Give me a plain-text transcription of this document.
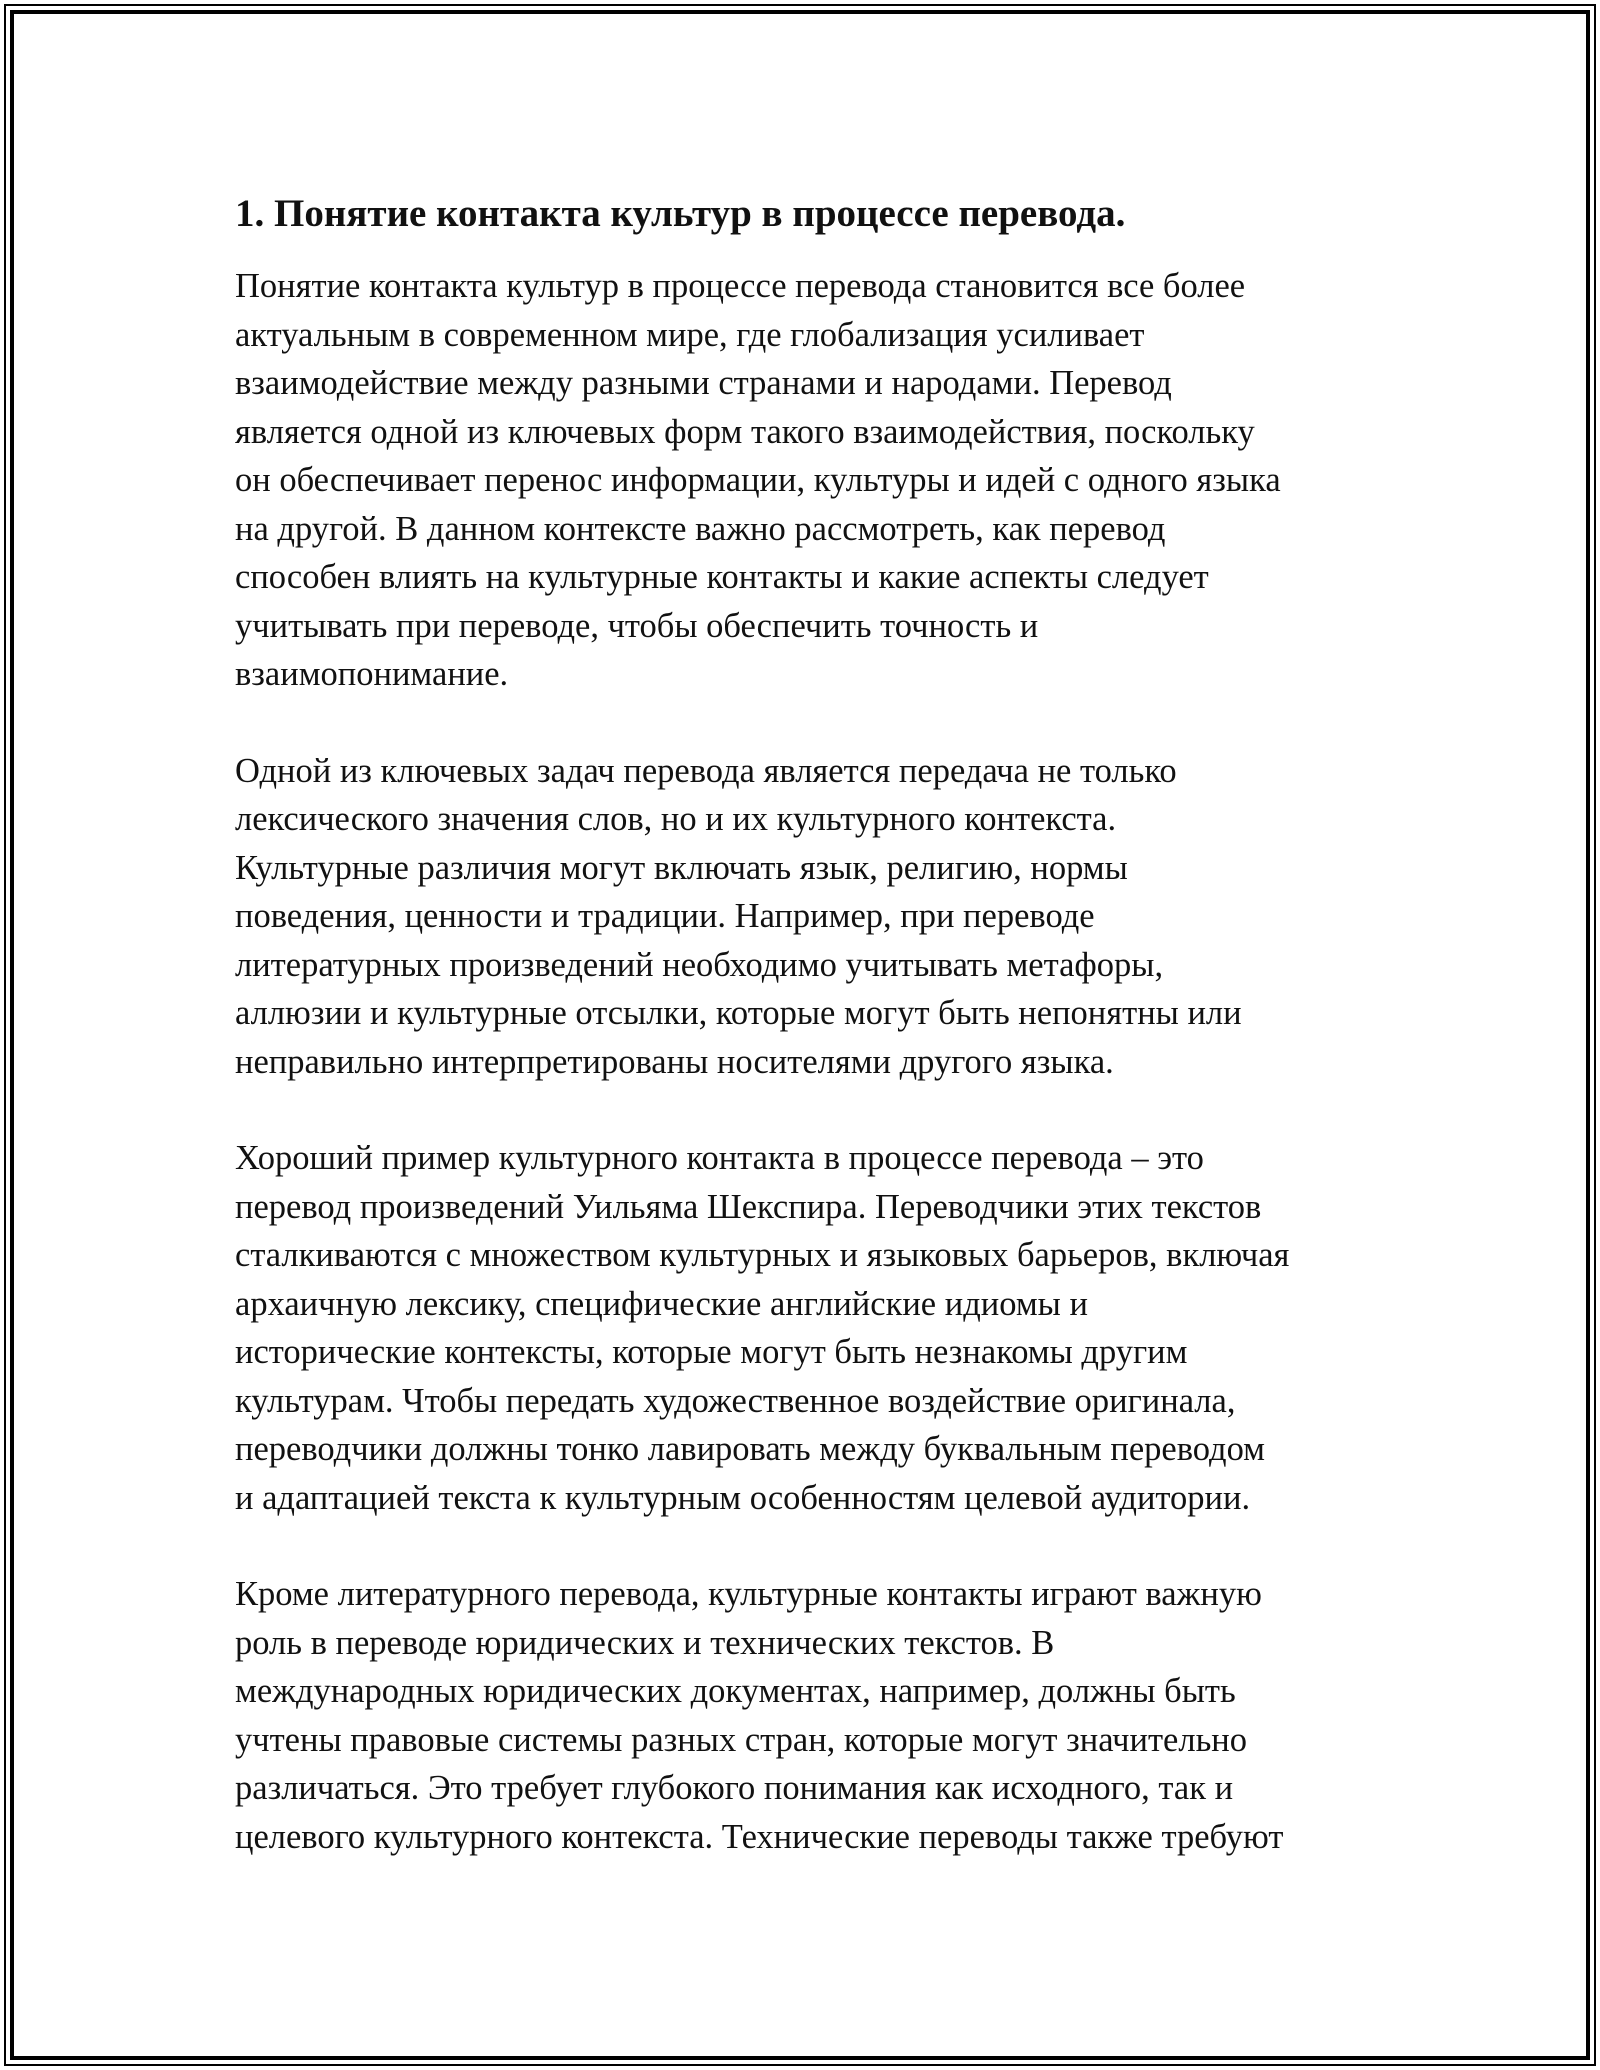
1. Понятие контакта культур в процессе перевода.

Понятие контакта культур в процессе перевода становится все более
актуальным в современном мире, где глобализация усиливает
взаимодействие между разными странами и народами. Перевод
является одной из ключевых форм такого взаимодействия, поскольку
он обеспечивает перенос информации, культуры и идей с одного языка
на другой. В данном контексте важно рассмотреть, как перевод
способен влиять на культурные контакты и какие аспекты следует
учитывать при переводе, чтобы обеспечить точность и
взаимопонимание.

Одной из ключевых задач перевода является передача не только
лексического значения слов, но и их культурного контекста.
Культурные различия могут включать язык, религию, нормы
поведения, ценности и традиции. Например, при переводе
литературных произведений необходимо учитывать метафоры,
аллюзии и культурные отсылки, которые могут быть непонятны или
неправильно интерпретированы носителями другого языка.

Хороший пример культурного контакта в процессе перевода – это
перевод произведений Уильяма Шекспира. Переводчики этих текстов
сталкиваются с множеством культурных и языковых барьеров, включая
архаичную лексику, специфические английские идиомы и
исторические контексты, которые могут быть незнакомы другим
культурам. Чтобы передать художественное воздействие оригинала,
переводчики должны тонко лавировать между буквальным переводом
и адаптацией текста к культурным особенностям целевой аудитории.

Кроме литературного перевода, культурные контакты играют важную
роль в переводе юридических и технических текстов. В
международных юридических документах, например, должны быть
учтены правовые системы разных стран, которые могут значительно
различаться. Это требует глубокого понимания как исходного, так и
целевого культурного контекста. Технические переводы также требуют
